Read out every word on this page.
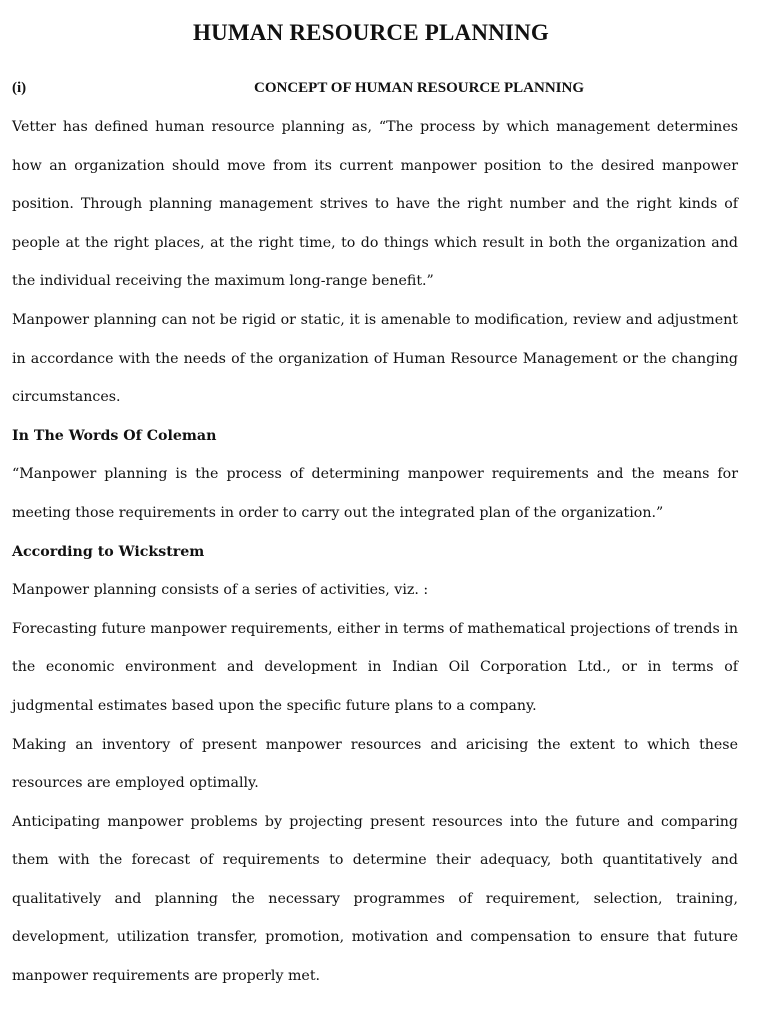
HUMAN RESOURCE PLANNING
(i)	CONCEPT OF HUMAN RESOURCE PLANNING

Vetter has defined human resource planning as, “The process by which management determines how an organization should move from its current manpower position to the desired manpower position. Through planning management strives to have the right number and the right kinds of people at the right places, at the right time, to do things which result in both the organization and the individual receiving the maximum long-range benefit.”

Manpower planning can not be rigid or static, it is amenable to modification, review and adjustment in accordance with the needs of the organization of Human Resource Management or the changing circumstances.

In The Words Of Coleman

“Manpower planning is the process of determining manpower requirements and the means for meeting those requirements in order to carry out the integrated plan of the organization.”

According to Wickstrem

Manpower planning consists of a series of activities, viz. :

Forecasting future manpower requirements, either in terms of mathematical projections of trends in the economic environment and development in Indian Oil Corporation Ltd., or in terms of judgmental estimates based upon the specific future plans to a company.

Making an inventory of present manpower resources and aricising the extent to which these resources are employed optimally.

Anticipating manpower problems by projecting present resources into the future and comparing them with the forecast of requirements to determine their adequacy, both quantitatively and qualitatively and planning the necessary programmes of requirement, selection, training, development, utilization transfer, promotion, motivation and compensation to ensure that future manpower requirements are properly met.
